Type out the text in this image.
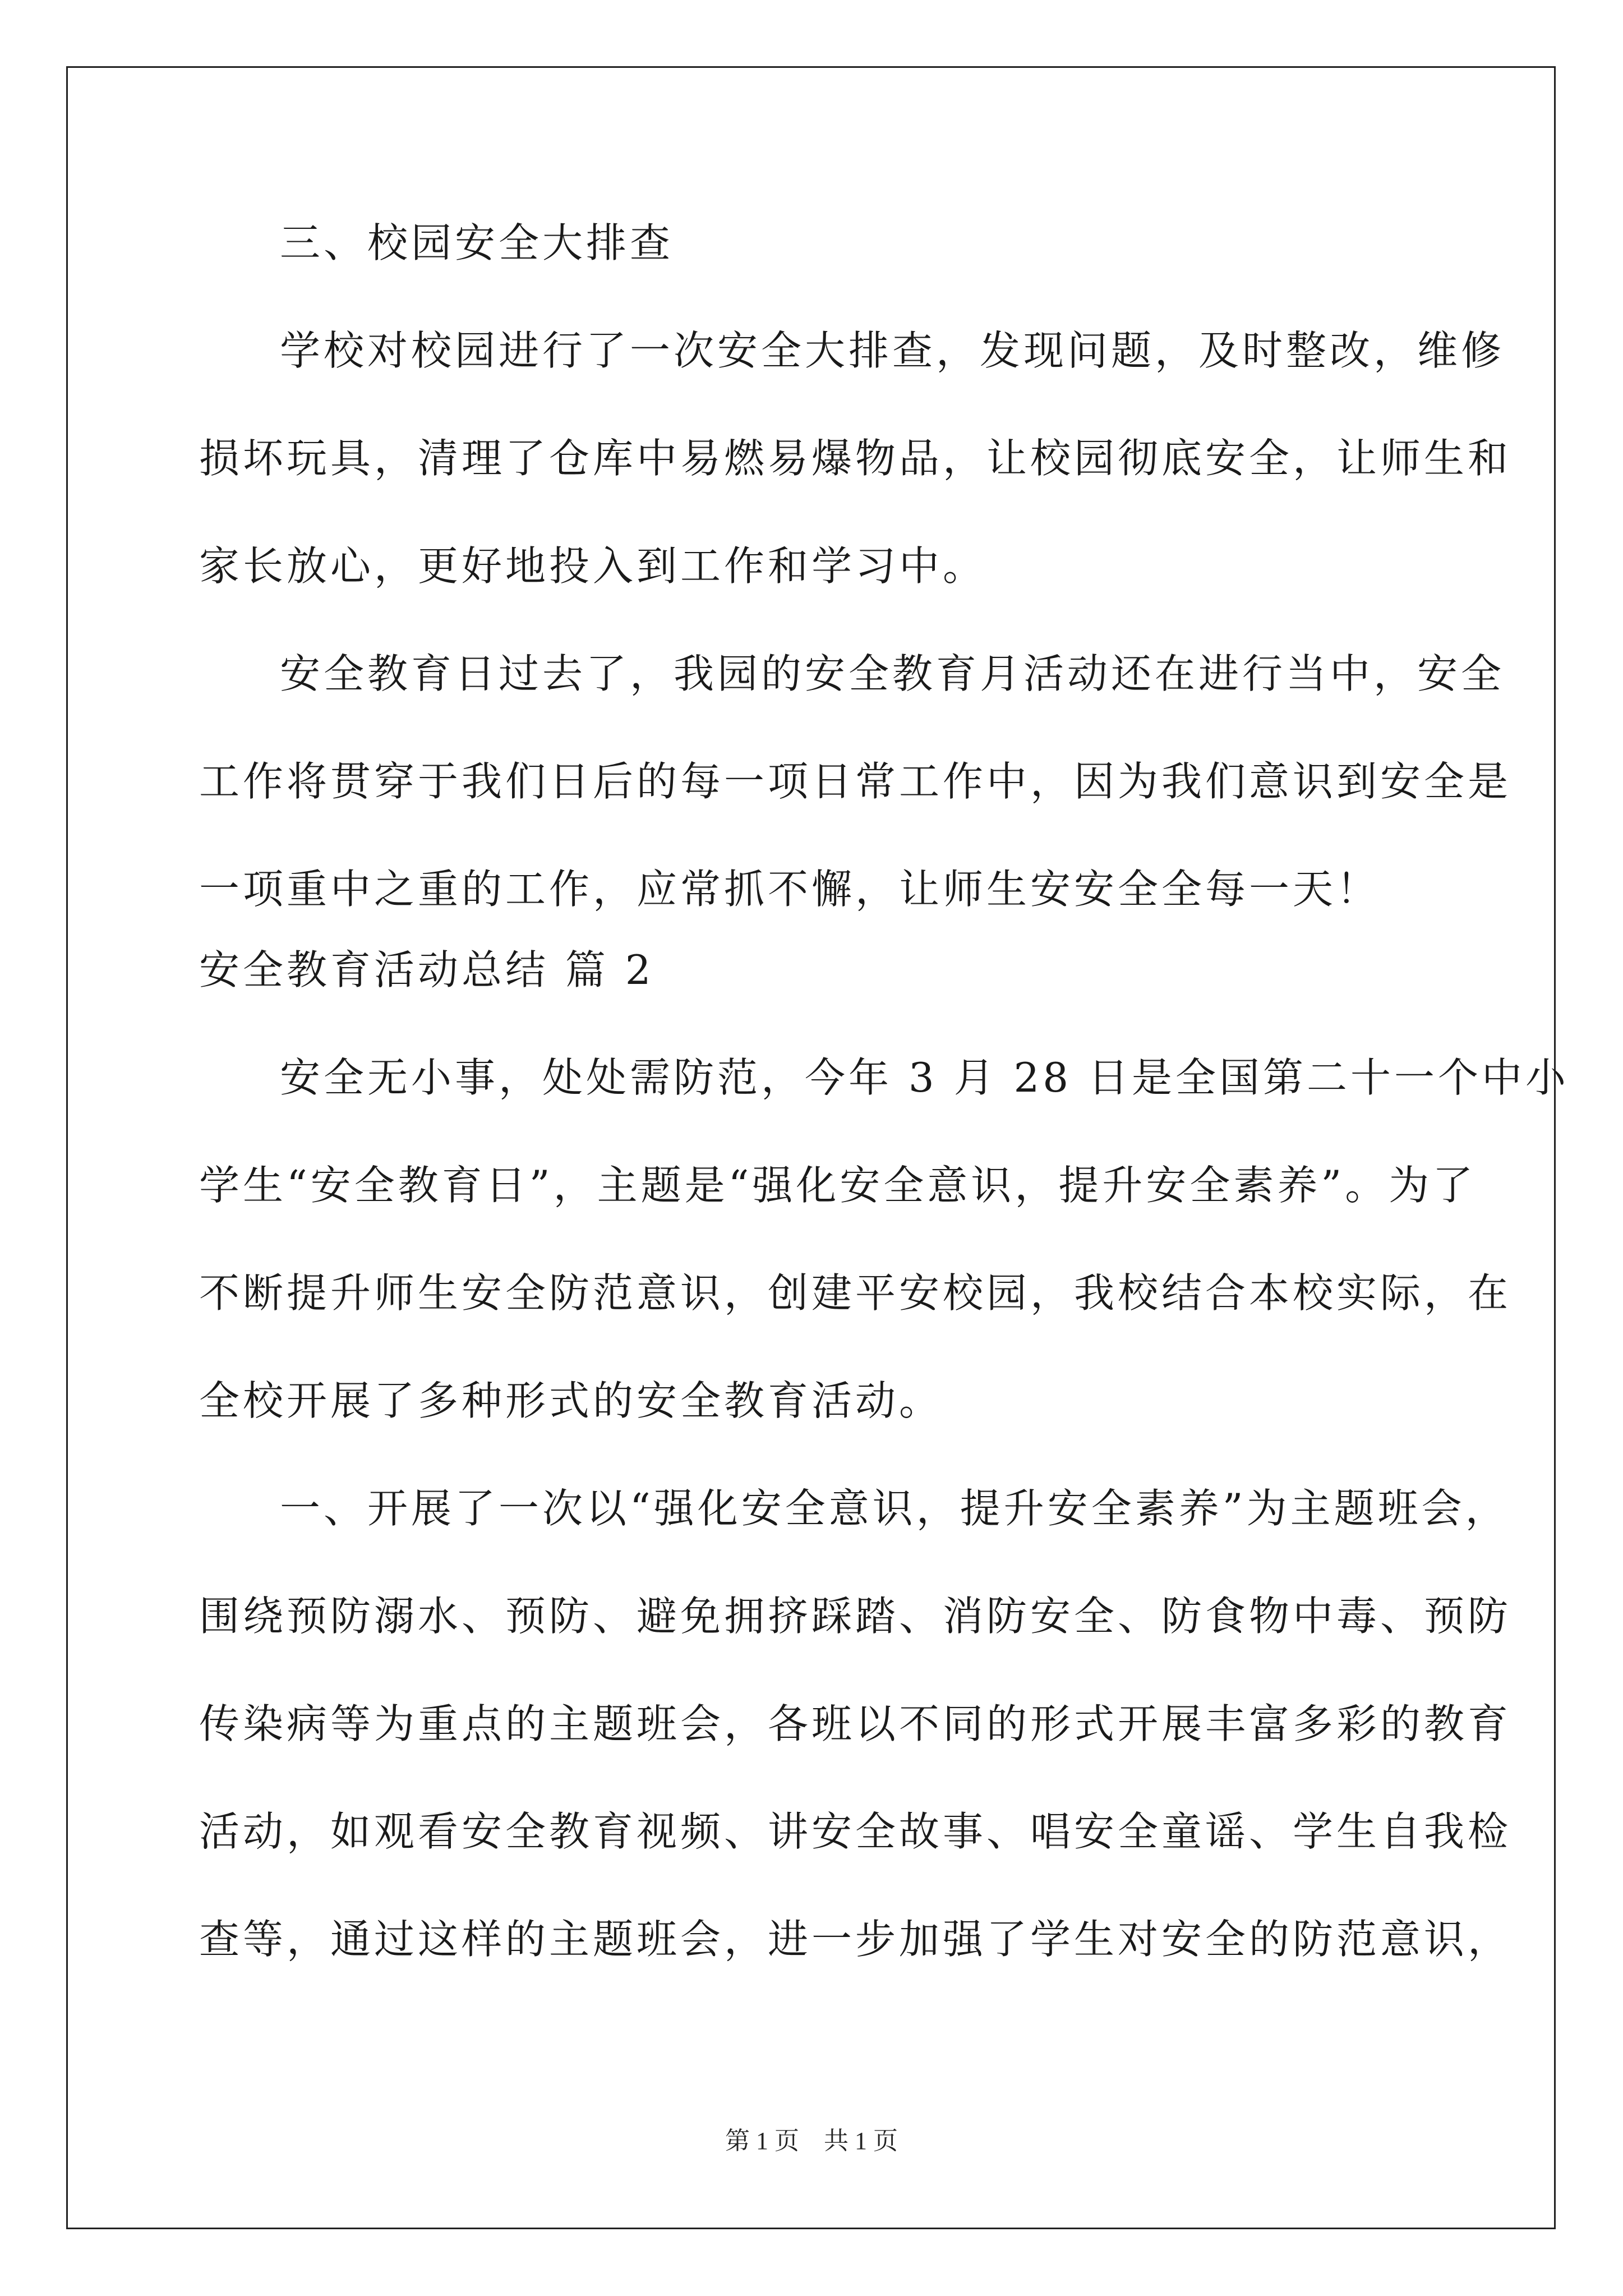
三、校园安全大排查
学校对校园进行了一次安全大排查，发现问题，及时整改，维修
损坏玩具，清理了仓库中易燃易爆物品，让校园彻底安全，让师生和
家长放心，更好地投入到工作和学习中。
安全教育日过去了，我园的安全教育月活动还在进行当中，安全
工作将贯穿于我们日后的每一项日常工作中，因为我们意识到安全是
一项重中之重的工作，应常抓不懈，让师生安安全全每一天！
安全教育活动总结 篇 2
安全无小事，处处需防范，今年 3 月 28 日是全国第二十一个中小
学生“安全教育日”，主题是“强化安全意识，提升安全素养”。为了
不断提升师生安全防范意识，创建平安校园，我校结合本校实际，在
全校开展了多种形式的安全教育活动。
一、开展了一次以“强化安全意识，提升安全素养”为主题班会，
围绕预防溺水、预防、避免拥挤踩踏、消防安全、防食物中毒、预防
传染病等为重点的主题班会，各班以不同的形式开展丰富多彩的教育
活动，如观看安全教育视频、讲安全故事、唱安全童谣、学生自我检
查等，通过这样的主题班会，进一步加强了学生对安全的防范意识，
第 1 页　共 1 页
